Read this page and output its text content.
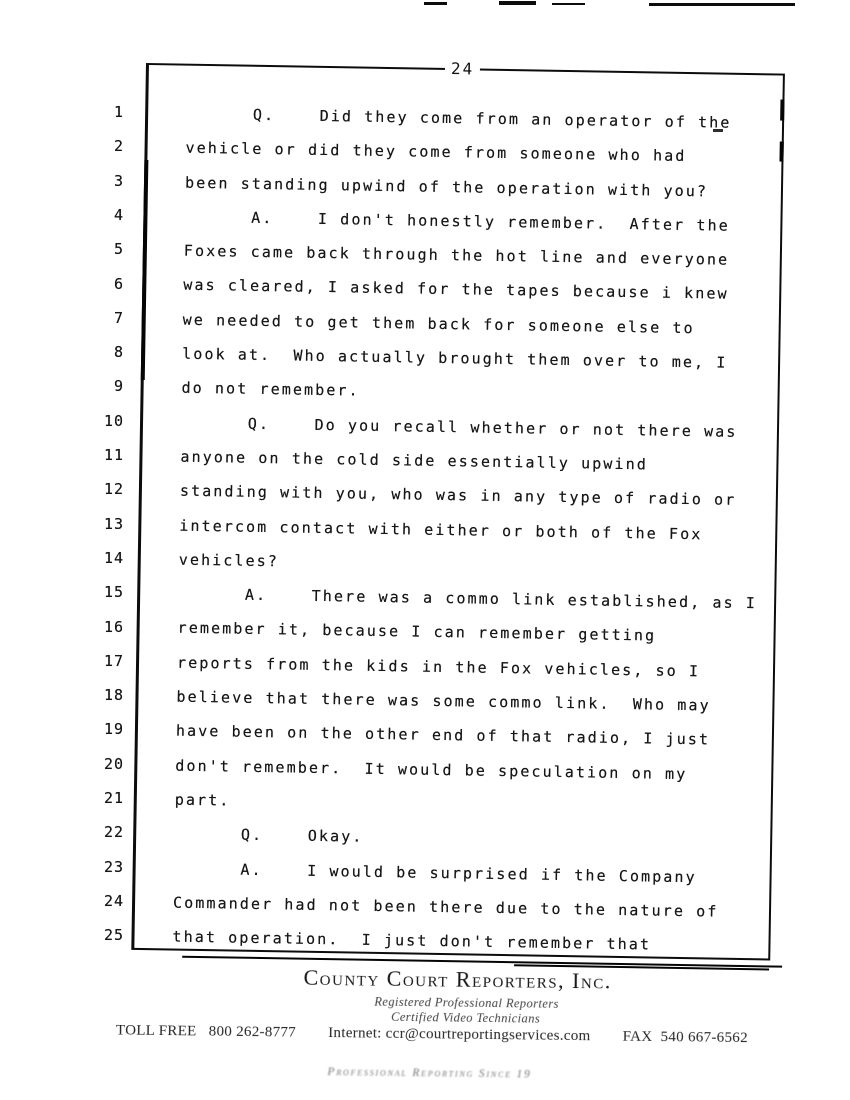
1
2
3
4
5
6
7
8
9
10
11
12
13
14
15
16
17
18
19
20
21
22
23
24
25
24
Q.    Did they come from an operator of the
vehicle or did they come from someone who had
been standing upwind of the operation with you?
A.    I don't honestly remember.  After the
Foxes came back through the hot line and everyone
was cleared, I asked for the tapes because i knew
we needed to get them back for someone else to
look at.  Who actually brought them over to me, I
do not remember.
Q.    Do you recall whether or not there was
anyone on the cold side essentially upwind
standing with you, who was in any type of radio or
intercom contact with either or both of the Fox
vehicles?
A.    There was a commo link established, as I
remember it, because I can remember getting
reports from the kids in the Fox vehicles, so I
believe that there was some commo link.  Who may
have been on the other end of that radio, I just
don't remember.  It would be speculation on my
part.
Q.    Okay.
A.    I would be surprised if the Company
Commander had not been there due to the nature of
that operation.  I just don't remember that
County Court Reporters, Inc.
Registered Professional Reporters
Certified Video Technicians
TOLL FREE   800 262-8777 Internet: ccr@courtreportingservices.com FAX  540 667-6562
Professional Reporting Since 19
